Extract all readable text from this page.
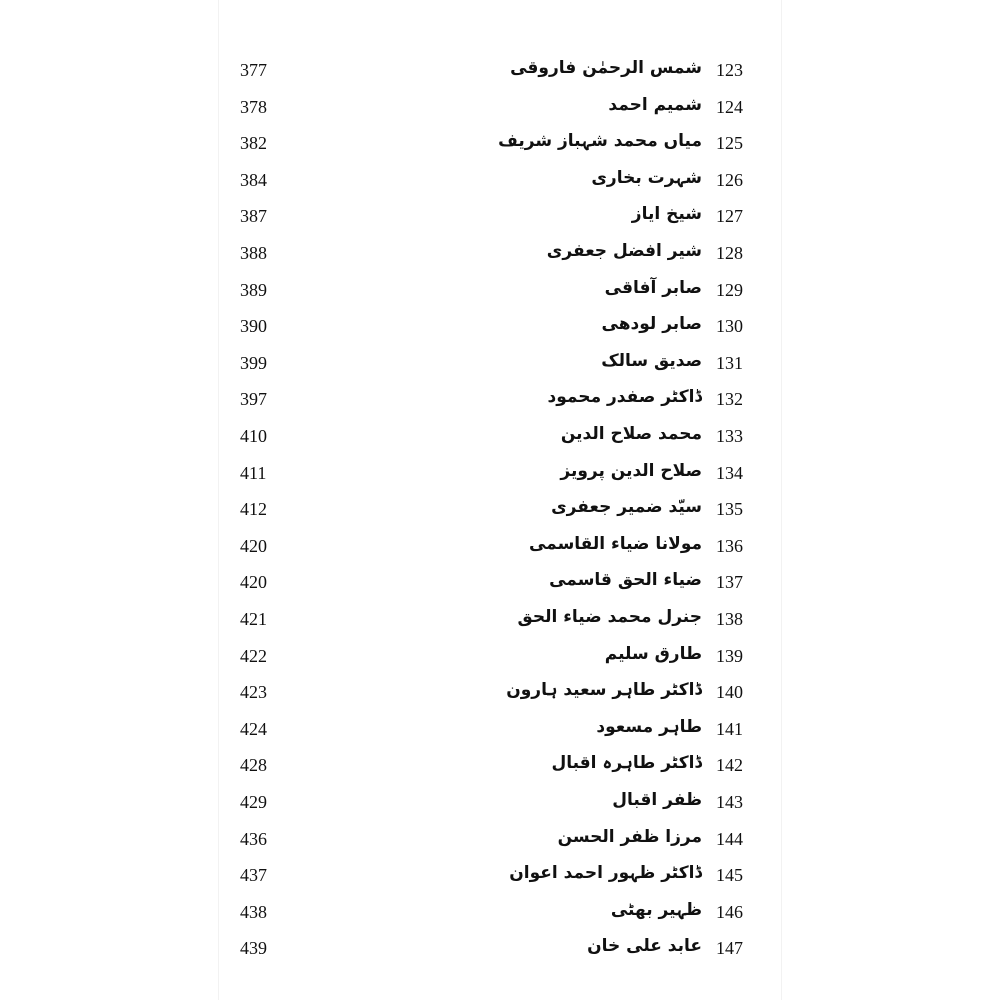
377	شمس الرحمٰن فاروقی 123
378	شمیم احمد 124
382	میاں محمد شہباز شریف 125
384	شہرت بخاری 126
387	شیخ ایاز 127
388	شیر افضل جعفری 128
389	صابر آفاقی 129
390	صابر لودھی 130
399	صدیق سالک 131
397	ڈاکٹر صفدر محمود 132
410	محمد صلاح الدین 133
411	صلاح الدین پرویز 134
412	سیّد ضمیر جعفری 135
420	مولانا ضیاء القاسمی 136
420	ضیاء الحق قاسمی 137
421	جنرل محمد ضیاء الحق 138
422	طارق سلیم 139
423	ڈاکٹر طاہر سعید ہارون 140
424	طاہر مسعود 141
428	ڈاکٹر طاہرہ اقبال 142
429	ظفر اقبال 143
436	مرزا ظفر الحسن 144
437	ڈاکٹر ظہور احمد اعوان 145
438	ظہیر بھٹی 146
439	عابد علی خان 147
